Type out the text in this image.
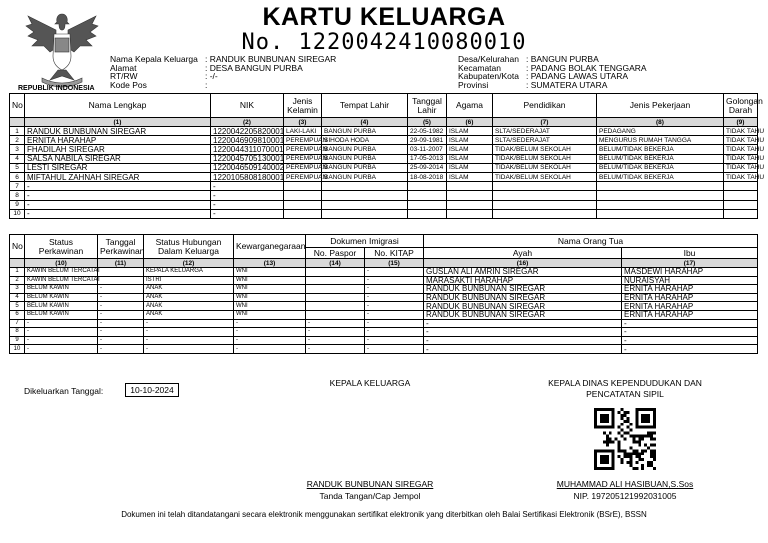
REPUBLIK INDONESIA
KARTU KELUARGA
No. 1220042410080010
Nama Kepala Keluarga : RANDUK BUNBUNAN SIREGAR
Alamat	: DESA BANGUN PURBA
RT/RW	: -/-
Kode Pos	:
Desa/Kelurahan : BANGUN PURBA
Kecamatan	: PADANG BOLAK TENGGARA
Kabupaten/Kota : PADANG LAWAS UTARA
Provinsi	: SUMATERA UTARA
No	Nama Lengkap	NIK	Jenis Kelamin	Tempat Lahir	Tanggal Lahir	Agama	Pendidikan	Jenis Pekerjaan	Golongan Darah
	(1)	(2)	(3)	(4)	(5)	(6)	(7)	(8)	(9)
1	RANDUK BUNBUNAN SIREGAR	1220042205820001	LAKI-LAKI	BANGUN PURBA	22-05-1982	ISLAM	SLTA/SEDERAJAT	PEDAGANG	TIDAK TAHU
2	ERNITA HARAHAP	1220046909810001	PEREMPUAN	SIHODA HODA	29-09-1981	ISLAM	SLTA/SEDERAJAT	MENGURUS RUMAH TANGGA	TIDAK TAHU
3	FHADILAH SIREGAR	1220044311070001	PEREMPUAN	BANGUN PURBA	03-11-2007	ISLAM	TIDAK/BELUM SEKOLAH	BELUM/TIDAK BEKERJA	TIDAK TAHU
4	SALSA NABILA SIREGAR	1220045705130001	PEREMPUAN	BANGUN PURBA	17-05-2013	ISLAM	TIDAK/BELUM SEKOLAH	BELUM/TIDAK BEKERJA	TIDAK TAHU
5	LESTI SIREGAR	1220046509140002	PEREMPUAN	BANGUN PURBA	25-09-2014	ISLAM	TIDAK/BELUM SEKOLAH	BELUM/TIDAK BEKERJA	TIDAK TAHU
6	MIFTAHUL ZAHNAH SIREGAR	1220105808180001	PEREMPUAN	BANGUN PURBA	18-08-2018	ISLAM	TIDAK/BELUM SEKOLAH	BELUM/TIDAK BEKERJA	TIDAK TAHU
7	-	-							
8	-	-							
9	-	-							
10	-	-							
No	Status Perkawinan	Tanggal Perkawinan	Status Hubungan Dalam Keluarga	Kewarganegaraan	Dokumen Imigrasi		Nama Orang Tua	
					No. Paspor	No. KITAP	Ayah	Ibu
	(10)	(11)	(12)	(13)	(14)	(15)	(16)	(17)
1	KAWIN BELUM TERCATAT		KEPALA KELUARGA	WNI		-	GUSLAN ALI AMRIN SIREGAR	MASDEWI HARAHAP
2	KAWIN BELUM TERCATAT		ISTRI	WNI		-	MARASAKTI HARAHAP	NURAISYAH
3	BELUM KAWIN	-	ANAK	WNI		-	RANDUK BUNBUNAN SIREGAR	ERNITA HARAHAP
4	BELUM KAWIN	-	ANAK	WNI		-	RANDUK BUNBUNAN SIREGAR	ERNITA HARAHAP
5	BELUM KAWIN	-	ANAK	WNI		-	RANDUK BUNBUNAN SIREGAR	ERNITA HARAHAP
6	BELUM KAWIN	-	ANAK	WNI		-	RANDUK BUNBUNAN SIREGAR	ERNITA HARAHAP
7	-	-	-	-	-	-	-	-
8	-	-	-	-	-	-	-	-
9	-	-	-	-	-	-	-	-
10	-	-	-	-	-	-	-	-
Dikeluarkan Tanggal:	10-10-2024
KEPALA KELUARGA	KEPALA DINAS KEPENDUDUKAN DAN PENCATATAN SIPIL
RANDUK BUNBUNAN SIREGAR
Tanda Tangan/Cap Jempol
MUHAMMAD ALI HASIBUAN,S.Sos
NIP. 197205121992031005
Dokumen ini telah ditandatangani secara elektronik menggunakan sertifikat elektronik yang diterbitkan oleh Balai Sertifikasi Elektronik (BSrE), BSSN
